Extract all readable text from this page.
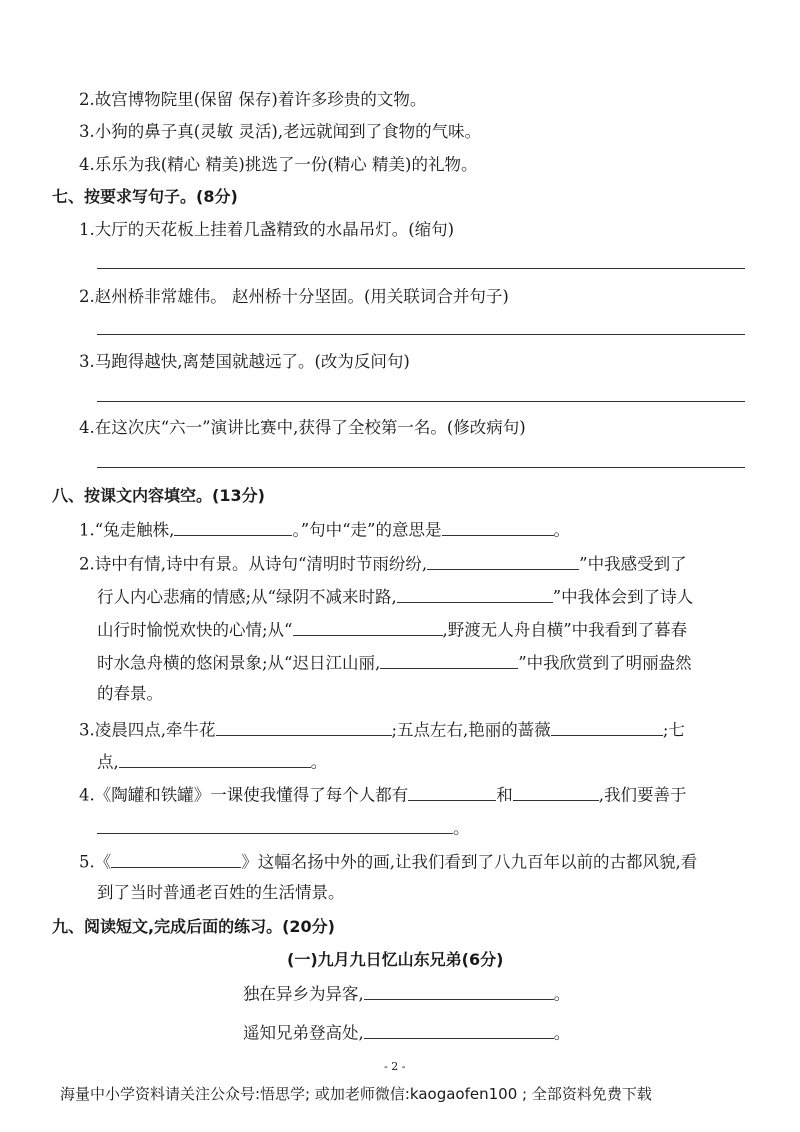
2.故宫博物院里(保留 保存)着许多珍贵的文物。
3.小狗的鼻子真(灵敏 灵活),老远就闻到了食物的气味。
4.乐乐为我(精心 精美)挑选了一份(精心 精美)的礼物。
七、按要求写句子。(8分)
1.大厅的天花板上挂着几盏精致的水晶吊灯。(缩句)
2.赵州桥非常雄伟。 赵州桥十分坚固。(用关联词合并句子)
3.马跑得越快,离楚国就越远了。(改为反问句)
4.在这次庆“六一”演讲比赛中,获得了全校第一名。(修改病句)
八、按课文内容填空。(13分)
1.“兔走触株,	。”句中“走”的意思是	。
2.诗中有情,诗中有景。从诗句“清明时节雨纷纷,	”中我感受到了
行人内心悲痛的情感;从“绿阴不减来时路,	”中我体会到了诗人
山行时愉悦欢快的心情;从“	,野渡无人舟自横”中我看到了暮春
时水急舟横的悠闲景象;从“迟日江山丽,	”中我欣赏到了明丽盎然
的春景。
3.凌晨四点,牵牛花	;五点左右,艳丽的蔷薇	;七
点,	。
4.《陶罐和铁罐》一课使我懂得了每个人都有	和	,我们要善于
。
5.《	》这幅名扬中外的画,让我们看到了八九百年以前的古都风貌,看
到了当时普通老百姓的生活情景。
九、阅读短文,完成后面的练习。(20分)
(一)九月九日忆山东兄弟(6分)
独在异乡为异客,	。
遥知兄弟登高处,	。
- 2 -
海量中小学资料请关注公众号:悟思学; 或加老师微信:kaogaofen100 ; 全部资料免费下载
